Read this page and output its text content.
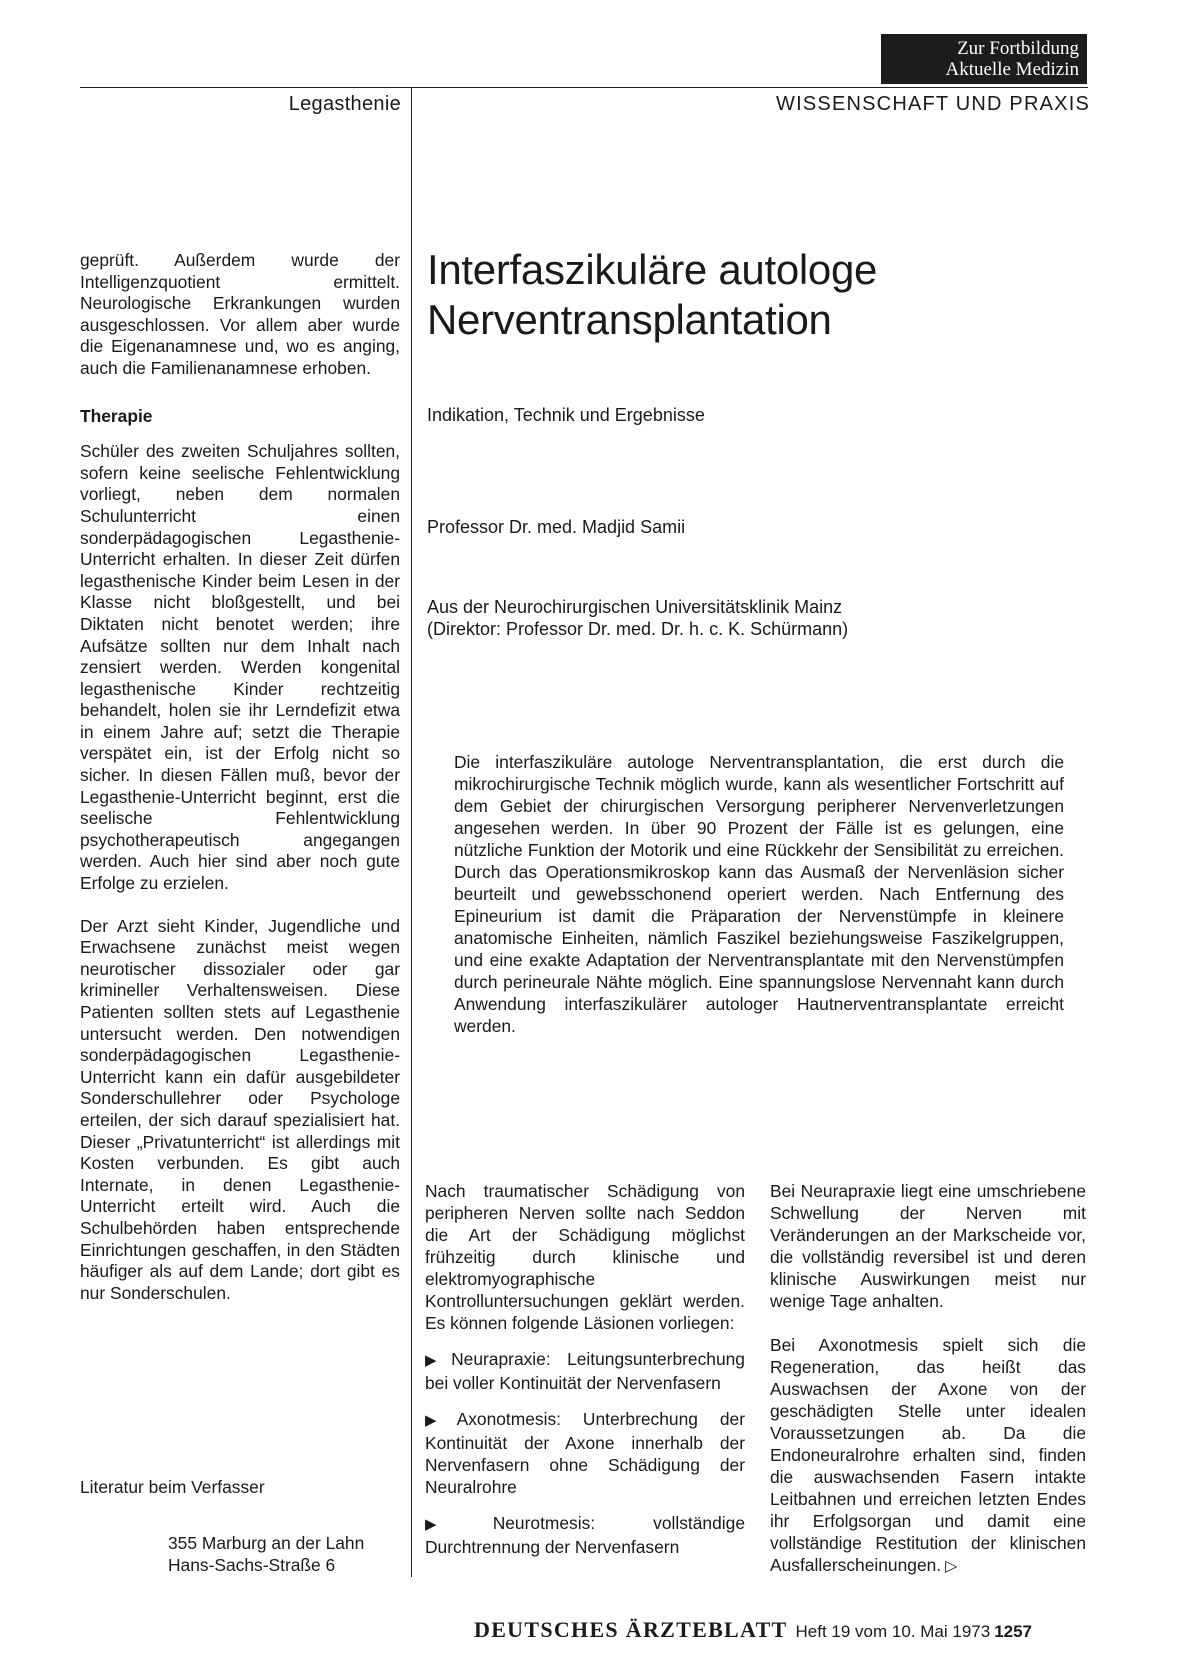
Zur Fortbildung
Aktuelle Medizin
Legasthenie	WISSENSCHAFT UND PRAXIS

geprüft. Außerdem wurde der Intelligenzquotient ermittelt. Neurologische Erkrankungen wurden ausgeschlossen. Vor allem aber wurde die Eigenanamnese und, wo es anging, auch die Familienanamnese erhoben.

Therapie

Schüler des zweiten Schuljahres sollten, sofern keine seelische Fehlentwicklung vorliegt, neben dem normalen Schulunterricht einen sonderpädagogischen Legasthenie-Unterricht erhalten. In dieser Zeit dürfen legasthenische Kinder beim Lesen in der Klasse nicht bloßgestellt, und bei Diktaten nicht benotet werden; ihre Aufsätze sollten nur dem Inhalt nach zensiert werden. Werden kongenital legasthenische Kinder rechtzeitig behandelt, holen sie ihr Lerndefizit etwa in einem Jahre auf; setzt die Therapie verspätet ein, ist der Erfolg nicht so sicher. In diesen Fällen muß, bevor der Legasthenie-Unterricht beginnt, erst die seelische Fehlentwicklung psychotherapeutisch angegangen werden. Auch hier sind aber noch gute Erfolge zu erzielen.

Der Arzt sieht Kinder, Jugendliche und Erwachsene zunächst meist wegen neurotischer dissozialer oder gar krimineller Verhaltensweisen. Diese Patienten sollten stets auf Legasthenie untersucht werden. Den notwendigen sonderpädagogischen Legasthenie-Unterricht kann ein dafür ausgebildeter Sonderschullehrer oder Psychologe erteilen, der sich darauf spezialisiert hat. Dieser „Privatunterricht“ ist allerdings mit Kosten verbunden. Es gibt auch Internate, in denen Legasthenie-Unterricht erteilt wird. Auch die Schulbehörden haben entsprechende Einrichtungen geschaffen, in den Städten häufiger als auf dem Lande; dort gibt es nur Sonderschulen.

Literatur beim Verfasser
355 Marburg an der Lahn
Hans-Sachs-Straße 6
Interfaszikuläre autologe
Nerventransplantation
Indikation, Technik und Ergebnisse
Professor Dr. med. Madjid Samii
Aus der Neurochirurgischen Universitätsklinik Mainz
(Direktor: Professor Dr. med. Dr. h. c. K. Schürmann)
Die interfaszikuläre autologe Nerventransplantation, die erst durch die mikrochirurgische Technik möglich wurde, kann als wesentlicher Fortschritt auf dem Gebiet der chirurgischen Versorgung peripherer Nervenverletzungen angesehen werden. In über 90 Prozent der Fälle ist es gelungen, eine nützliche Funktion der Motorik und eine Rückkehr der Sensibilität zu erreichen. Durch das Operationsmikroskop kann das Ausmaß der Nervenläsion sicher beurteilt und gewebsschonend operiert werden. Nach Entfernung des Epineurium ist damit die Präparation der Nervenstümpfe in kleinere anatomische Einheiten, nämlich Faszikel beziehungsweise Faszikelgruppen, und eine exakte Adaptation der Nerventransplantate mit den Nervenstümpfen durch perineurale Nähte möglich. Eine spannungslose Nervennaht kann durch Anwendung interfaszikulärer autologer Hautnerventransplantate erreicht werden.

Nach traumatischer Schädigung von peripheren Nerven sollte nach Seddon die Art der Schädigung möglichst frühzeitig durch klinische und elektromyographische Kontrolluntersuchungen geklärt werden. Es können folgende Läsionen vorliegen:

▶ Neurapraxie: Leitungsunterbrechung bei voller Kontinuität der Nervenfasern

▶ Axonotmesis: Unterbrechung der Kontinuität der Axone innerhalb der Nervenfasern ohne Schädigung der Neuralrohre

▶ Neurotmesis: vollständige Durchtrennung der Nervenfasern

Bei Neurapraxie liegt eine umschriebene Schwellung der Nerven mit Veränderungen an der Markscheide vor, die vollständig reversibel ist und deren klinische Auswirkungen meist nur wenige Tage anhalten.

Bei Axonotmesis spielt sich die Regeneration, das heißt das Auswachsen der Axone von der geschädigten Stelle unter idealen Voraussetzungen ab. Da die Endoneuralrohre erhalten sind, finden die auswachsenden Fasern intakte Leitbahnen und erreichen letzten Endes ihr Erfolgsorgan und damit eine vollständige Restitution der klinischen Ausfallerscheinungen. ▷

DEUTSCHES ÄRZTEBLATT Heft 19 vom 10. Mai 1973 1257
